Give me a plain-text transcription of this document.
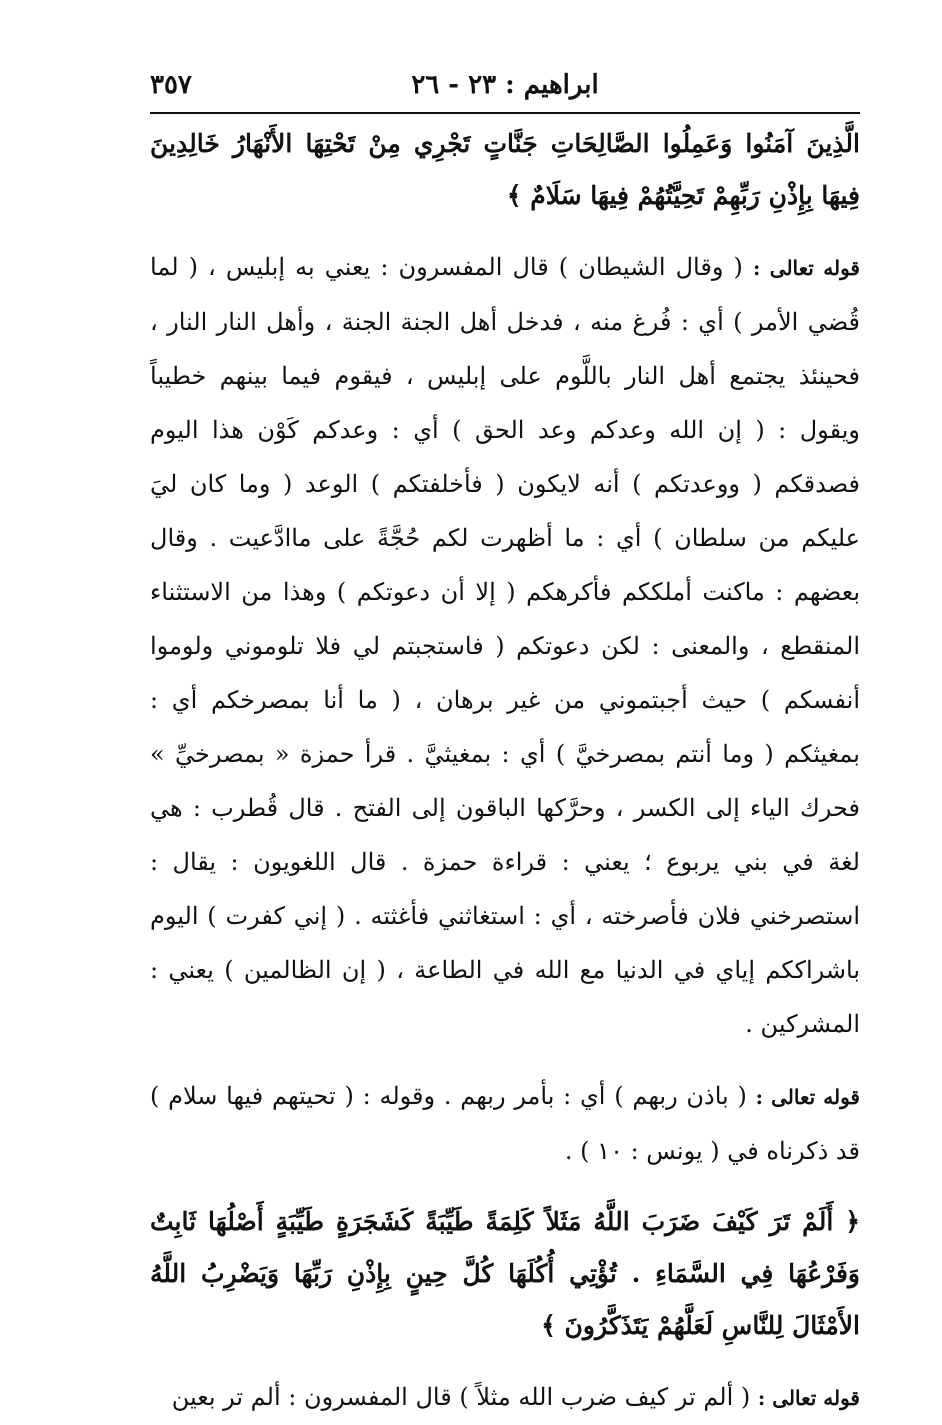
ابراهيم : ٢٣ - ٢٦
٣٥٧

الَّذِينَ آمَنُوا وَعَمِلُوا الصَّالِحَاتِ جَنَّاتٍ تَجْرِي مِنْ تَحْتِهَا الأَنْهَارُ خَالِدِينَ فِيهَا بِإِذْنِ رَبِّهِمْ تَحِيَّتُهُمْ فِيهَا سَلَامٌ ﴾

قوله تعالى : ( وقال الشيطان ) قال المفسرون : يعني به إبليس ، ( لما قُضي الأمر ) أي : فُرغ منه ، فدخل أهل الجنة الجنة ، وأهل النار النار ، فحينئذ يجتمع أهل النار باللَّوم على إبليس ، فيقوم فيما بينهم خطيباً ويقول : ( إن الله وعدكم وعد الحق ) أي : وعدكم كَوْن هذا اليوم فصدقكم ( ووعدتكم ) أنه لايكون ( فأخلفتكم ) الوعد ( وما كان ليَ عليكم من سلطان ) أي : ما أظهرت لكم حُجَّةً على ماادَّعيت . وقال بعضهم : ماكنت أملككم فأكرهكم ( إلا أن دعوتكم ) وهذا من الاستثناء المنقطع ، والمعنى : لكن دعوتكم ( فاستجبتم لي فلا تلوموني ولوموا أنفسكم ) حيث أجبتموني من غير برهان ، ( ما أنا بمصرخكم أي : بمغيثكم ( وما أنتم بمصرخيَّ ) أي : بمغيثيَّ . قرأ حمزة « بمصرخيِّ » فحرك الياء إلى الكسر ، وحرَّكها الباقون إلى الفتح . قال قُطرب : هي لغة في بني يربوع ؛ يعني : قراءة حمزة . قال اللغويون : يقال : استصرخني فلان فأصرخته ، أي : استغاثني فأغثته . ( إني كفرت ) اليوم باشراككم إياي في الدنيا مع الله في الطاعة ، ( إن الظالمين ) يعني : المشركين .

قوله تعالى : ( باذن ربهم ) أي : بأمر ربهم . وقوله : ( تحيتهم فيها سلام ) قد ذكرناه في ( يونس : ١٠ ) .

﴿ أَلَمْ تَرَ كَيْفَ ضَرَبَ اللَّهُ مَثَلاً كَلِمَةً طَيِّبَةً كَشَجَرَةٍ طَيِّبَةٍ أَصْلُهَا ثَابِتٌ وَفَرْعُهَا فِي السَّمَاءِ . تُؤْتِي أُكُلَهَا كُلَّ حِينٍ بِإِذْنِ رَبِّهَا وَيَضْرِبُ اللَّهُ الأَمْثَالَ لِلنَّاسِ لَعَلَّهُمْ يَتَذَكَّرُونَ ﴾

قوله تعالى : ( ألم تر كيف ضرب الله مثلاً ) قال المفسرون : ألم تر بعين
